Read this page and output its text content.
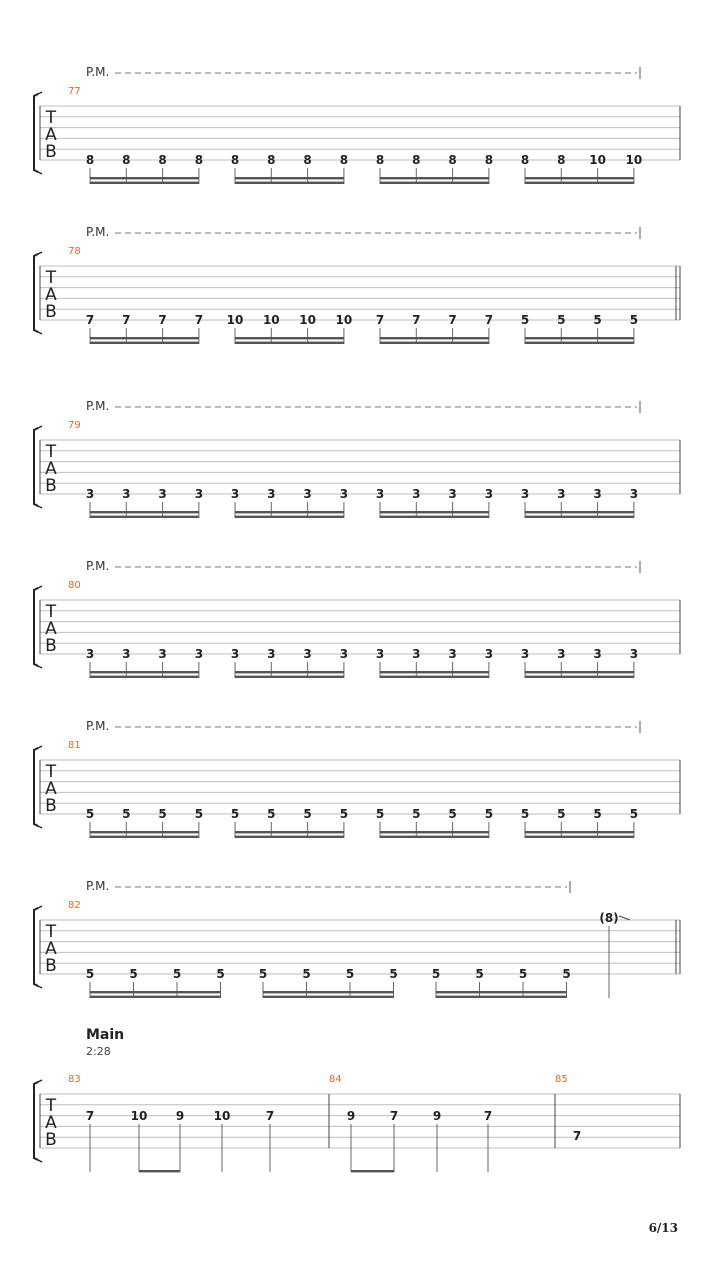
T
A
B
77
P.M.
8 8 8 8 8 8 8 8 8 8 8 8 8 8 10 10
T
A
B
78
P.M.
7 7 7 7 10 10 10 10 7 7 7 7 5 5 5 5
T
A
B
79
P.M.
3 3 3 3 3 3 3 3 3 3 3 3 3 3 3 3
T
A
B
80
P.M.
3 3 3 3 3 3 3 3 3 3 3 3 3 3 3 3
T
A
B
81
P.M.
5 5 5 5 5 5 5 5 5 5 5 5 5 5 5 5
T
A
B
82
P.M.
5	5	5	5	5	5	5	5	5	5	5	5
(8)
T
A
B
83	84	85
7	10 9 10	7	9	7	9	7
7
Main
2:28
6/13
